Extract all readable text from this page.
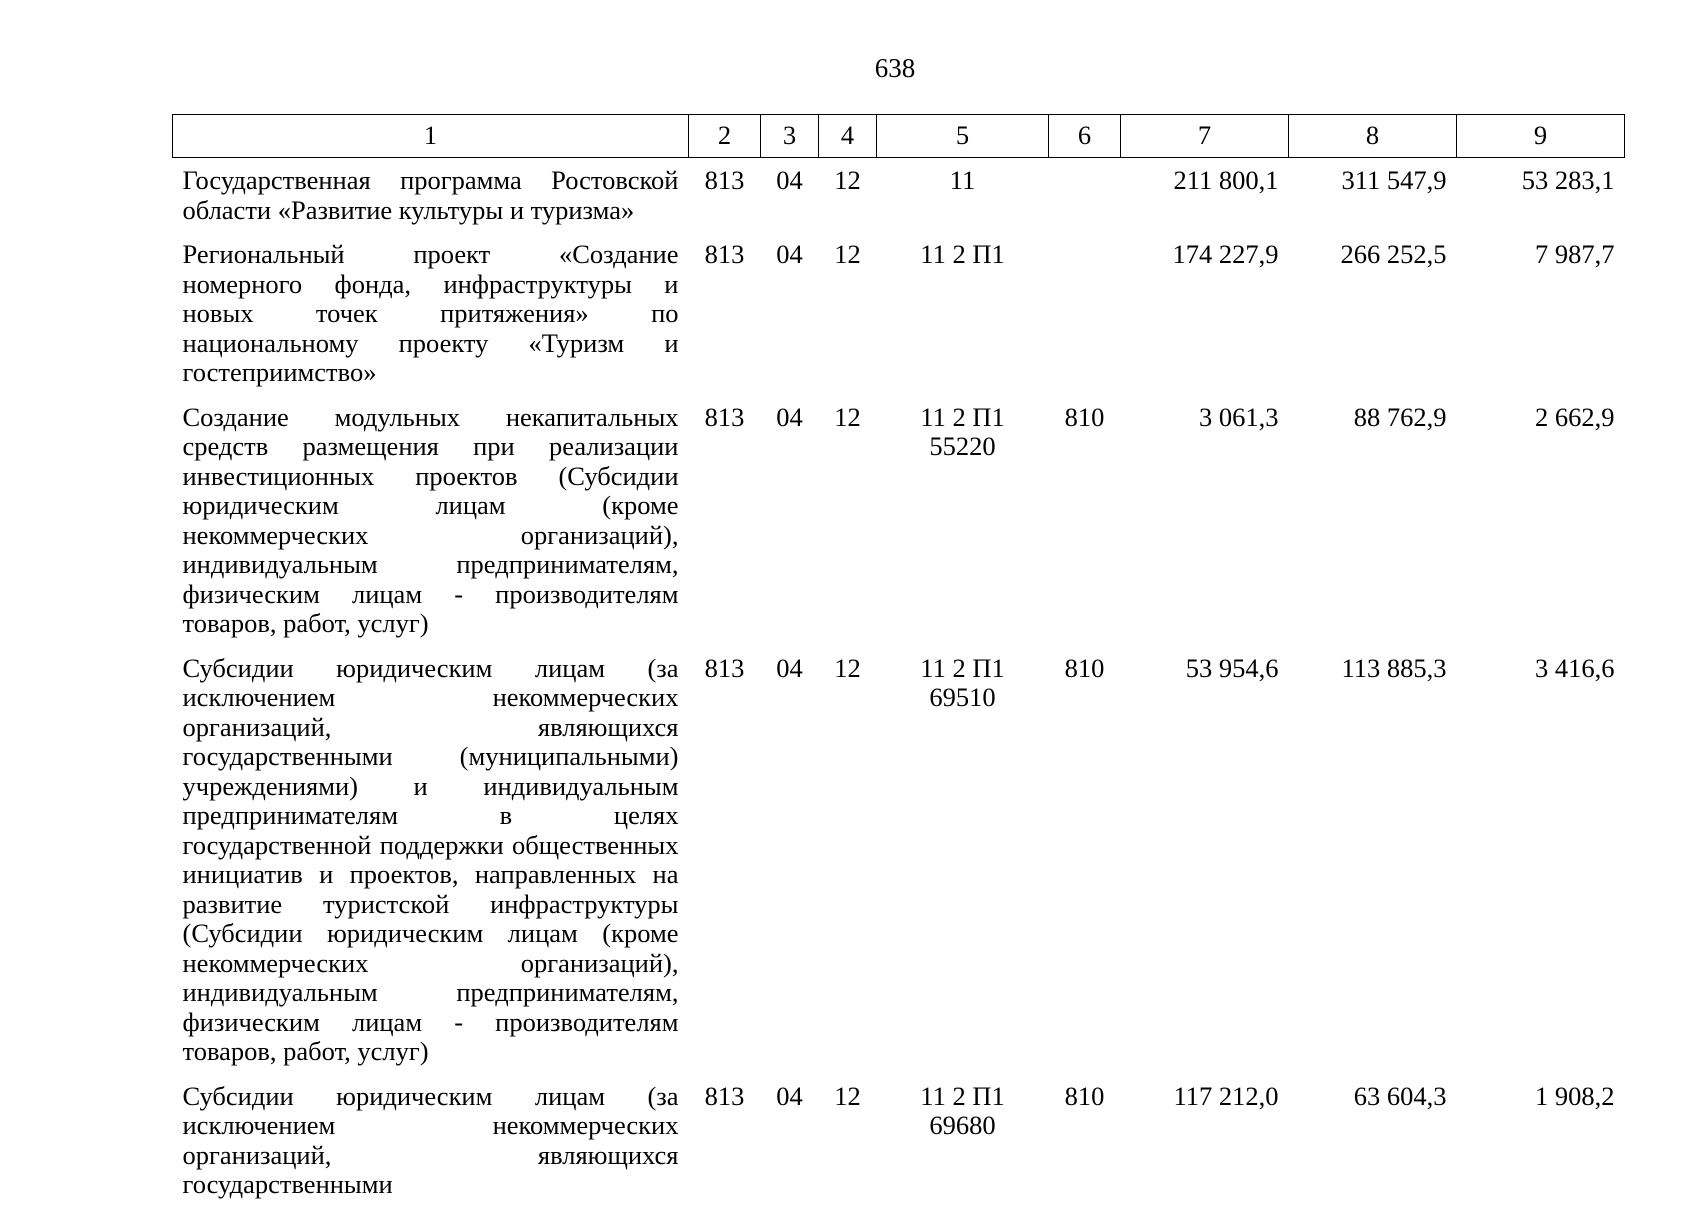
638
1	2	3	4	5	6	7	8	9
Государственная программа Ростовской области «Развитие культуры и туризма»	813	04	12	11		211 800,1	311 547,9	53 283,1
Региональный проект «Создание номерного фонда, инфраструктуры и новых точек притяжения» по национальному проекту «Туризм и гостеприимство»	813	04	12	11 2 П1		174 227,9	266 252,5	7 987,7
Создание модульных некапитальных средств размещения при реализации инвестиционных проектов (Субсидии юридическим лицам (кроме некоммерческих организаций), индивидуальным предпринимателям, физическим лицам - производителям товаров, работ, услуг)	813	04	12	11 2 П1 55220	810	3 061,3	88 762,9	2 662,9
Субсидии юридическим лицам (за исключением некоммерческих организаций, являющихся государственными (муниципальными) учреждениями) и индивидуальным предпринимателям в целях государственной поддержки общественных инициатив и проектов, направленных на развитие туристской инфраструктуры (Субсидии юридическим лицам (кроме некоммерческих организаций), индивидуальным предпринимателям, физическим лицам - производителям товаров, работ, услуг)	813	04	12	11 2 П1 69510	810	53 954,6	113 885,3	3 416,6
Субсидии юридическим лицам (за исключением некоммерческих организаций, являющихся государственными	813	04	12	11 2 П1 69680	810	117 212,0	63 604,3	1 908,2
